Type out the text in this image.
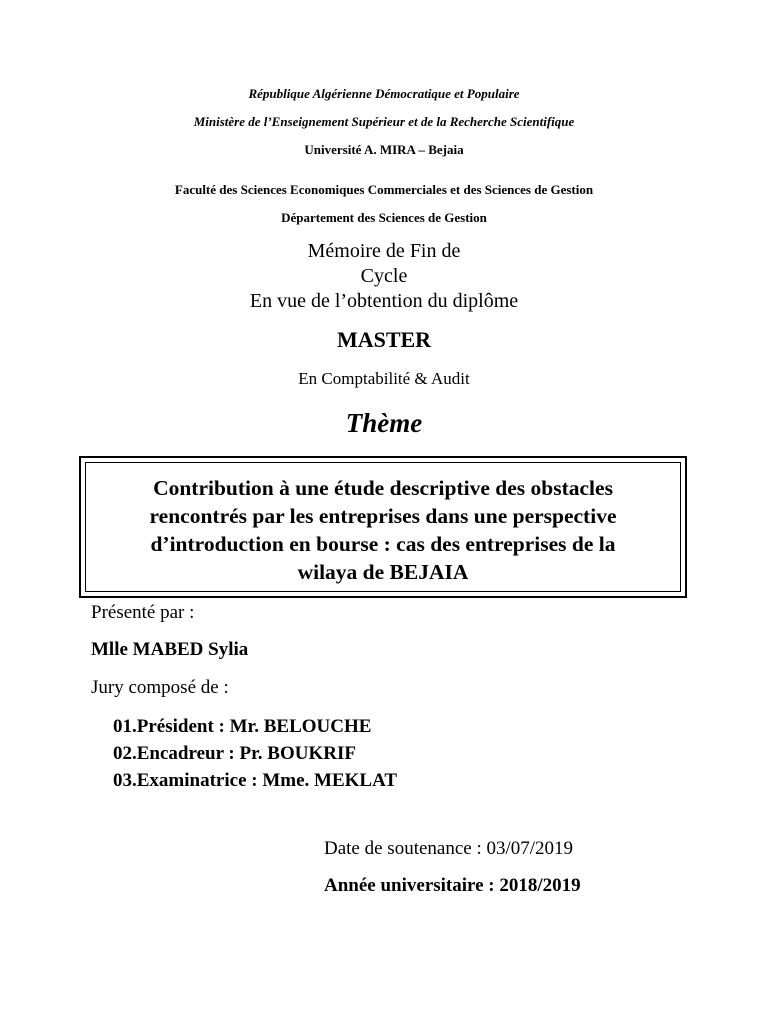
République Algérienne Démocratique et Populaire
Ministère de l’Enseignement Supérieur et de la Recherche Scientifique
Université A. MIRA – Bejaia
Faculté des Sciences Economiques Commerciales et des Sciences de Gestion
Département des Sciences de Gestion
Mémoire de Fin de
Cycle
En vue de l’obtention du diplôme
MASTER
En Comptabilité & Audit
Thème
Contribution à une étude descriptive des obstacles
rencontrés par les entreprises dans une perspective
d’introduction en bourse : cas des entreprises de la
wilaya de BEJAIA
Présenté par :
Mlle MABED Sylia
Jury composé de :
01.Président : Mr. BELOUCHE
02.Encadreur : Pr. BOUKRIF
03.Examinatrice : Mme. MEKLAT
Date de soutenance : 03/07/2019
Année universitaire : 2018/2019
